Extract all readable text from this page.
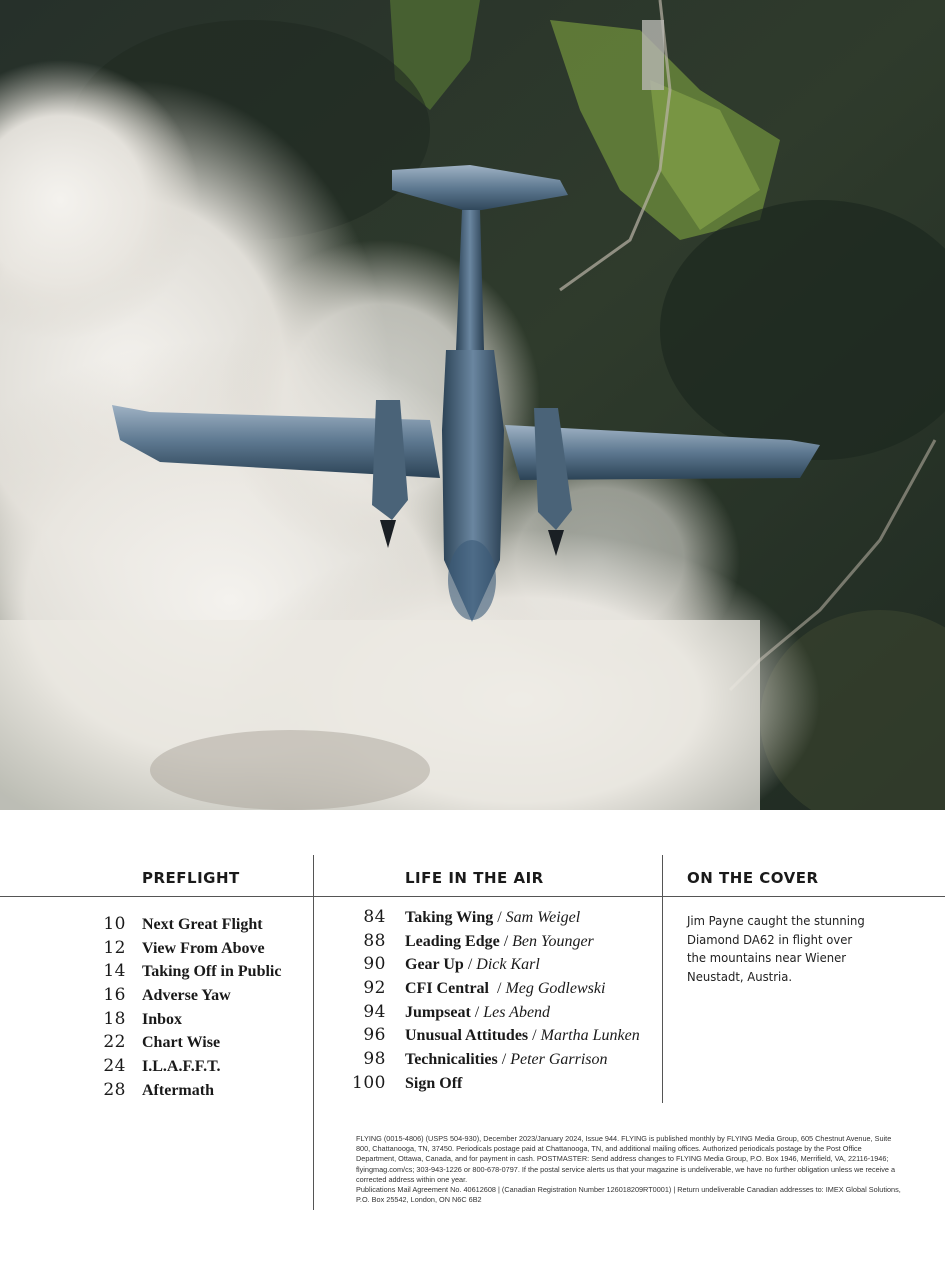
PREFLIGHT	LIFE IN THE AIR	ON THE COVER
10 Next Great Flight
12 View From Above
14 Taking Off in Public
16 Adverse Yaw
18 Inbox
22 Chart Wise
24 I.L.A.F.F.T.
28 Aftermath
84 Taking Wing / Sam Weigel
88 Leading Edge / Ben Younger
90 Gear Up / Dick Karl
92 CFI Central / Meg Godlewski
94 Jumpseat / Les Abend
96 Unusual Attitudes / Martha Lunken
98 Technicalities / Peter Garrison
100 Sign Off

Jim Payne caught the stunning Diamond DA62 in flight over the mountains near Wiener Neustadt, Austria.

FLYING (0015-4806) (USPS 504-930), December 2023/January 2024, Issue 944. FLYING is published monthly by FLYING Media Group, 605 Chestnut Avenue, Suite 800, Chattanooga, TN, 37450. Periodicals postage paid at Chattanooga, TN, and additional mailing offices. Authorized periodicals postage by the Post Office Department, Ottawa, Canada, and for payment in cash. POSTMASTER: Send address changes to FLYING Media Group, P.O. Box 1946, Merrifield, VA, 22116-1946; flyingmag.com/cs; 303-943-1226 or 800-678-0797. If the postal service alerts us that your magazine is undeliverable, we have no further obligation unless we receive a corrected address within one year.

Publications Mail Agreement No. 40612608 | (Canadian Registration Number 126018209RT0001) | Return undeliverable Canadian addresses to: IMEX Global Solutions, P.O. Box 25542, London, ON N6C 6B2
